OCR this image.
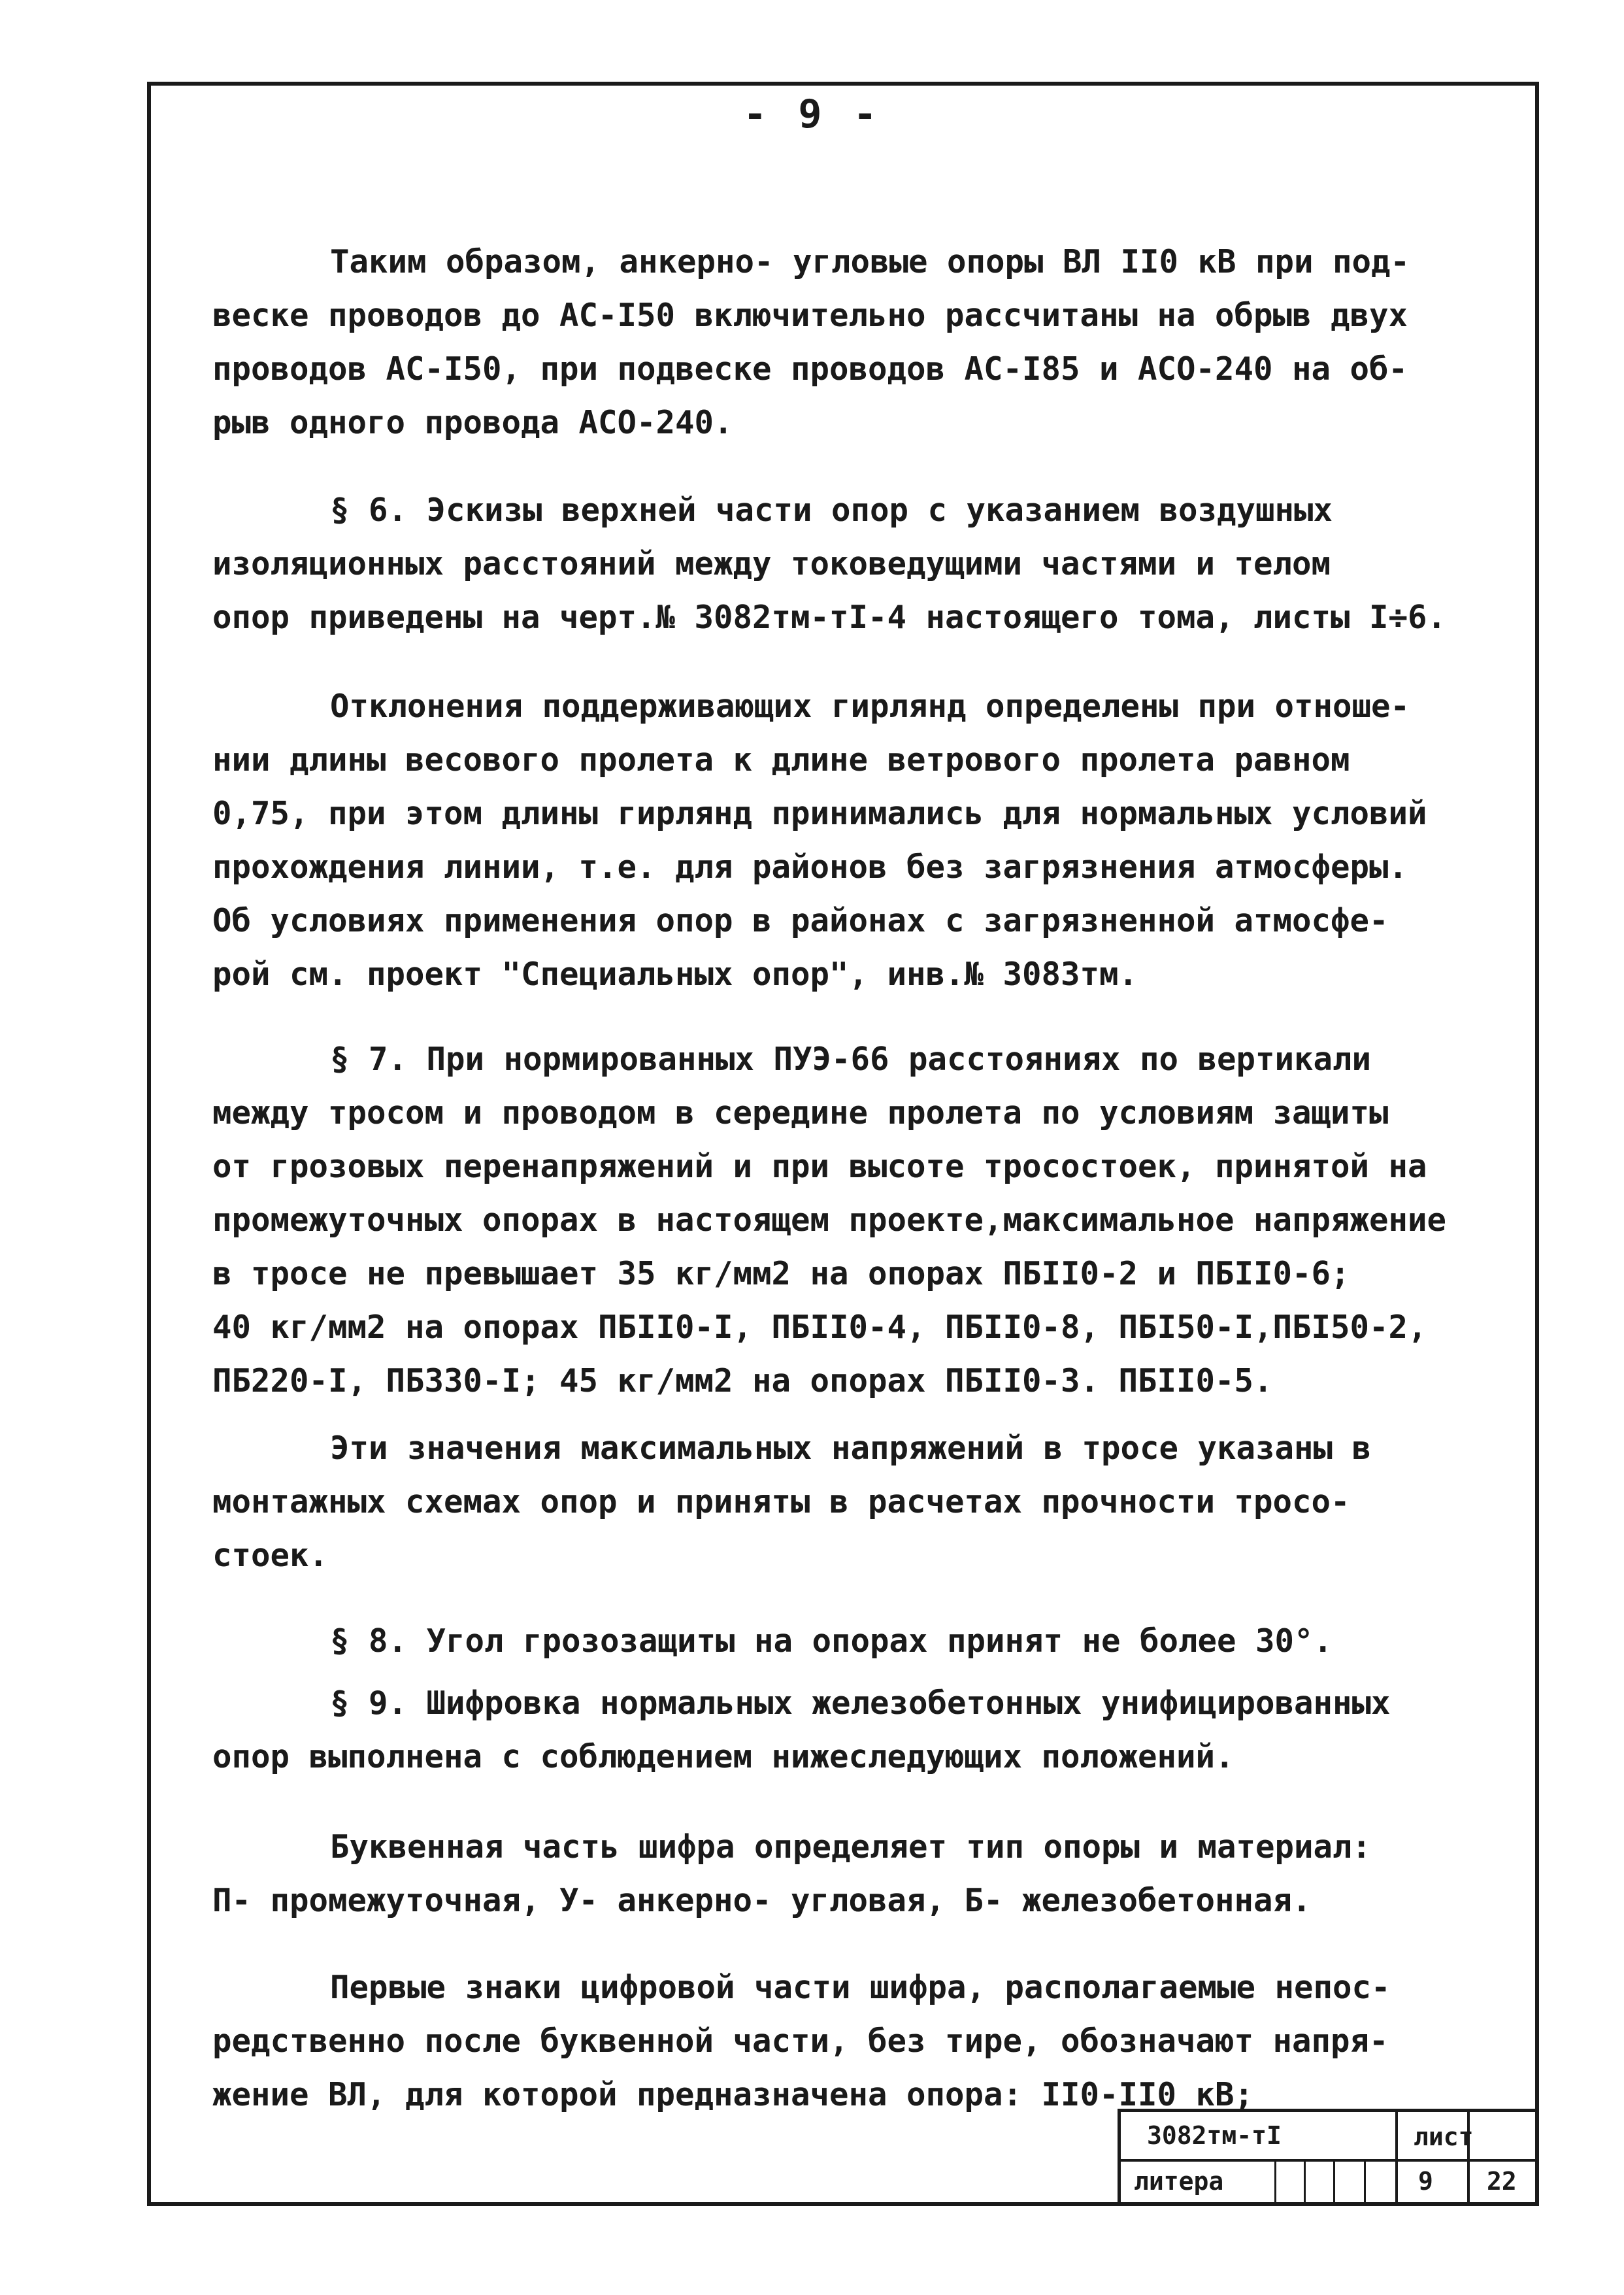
- 9 -
Таким образом, анкерно- угловые опоры ВЛ ІІ0 кВ при под-
веске проводов до АС-І50 включительно рассчитаны на обрыв двух
проводов АС-І50, при подвеске проводов АС-І85 и АСО-240 на об-
рыв одного провода АСО-240.
§ 6. Эскизы верхней части опор с указанием воздушных
изоляционных расстояний между токоведущими частями и телом
опор приведены на черт.№ 3082тм-тІ-4 настоящего тома, листы І÷6.
Отклонения поддерживающих гирлянд определены при отноше-
нии длины весового пролета к длине ветрового пролета равном
0,75, при этом длины гирлянд принимались для нормальных условий
прохождения линии, т.е. для районов без загрязнения атмосферы.
Об условиях применения опор в районах с загрязненной атмосфе-
рой см. проект "Специальных опор", инв.№ 3083тм.
§ 7. При нормированных ПУЭ-66 расстояниях по вертикали
между тросом и проводом в середине пролета по условиям защиты
от грозовых перенапряжений и при высоте тросостоек, принятой на
промежуточных опорах в настоящем проекте,максимальное напряжение
в тросе не превышает 35 кг/мм2 на опорах ПБІІ0-2 и ПБІІ0-6;
40 кг/мм2 на опорах ПБІІ0-І, ПБІІ0-4, ПБІІ0-8, ПБІ50-І,ПБІ50-2,
ПБ220-І, ПБ330-І; 45 кг/мм2 на опорах ПБІІ0-3. ПБІІ0-5.
Эти значения максимальных напряжений в тросе указаны в
монтажных схемах опор и приняты в расчетах прочности тросо-
стоек.
§ 8. Угол грозозащиты на опорах принят не более 30°.
§ 9. Шифровка нормальных железобетонных унифицированных
опор выполнена с соблюдением нижеследующих положений.
Буквенная часть шифра определяет тип опоры и материал:
П- промежуточная, У- анкерно- угловая, Б- железобетонная.
Первые знаки цифровой части шифра, располагаемые непос-
редственно после буквенной части, без тире, обозначают напря-
жение ВЛ, для которой предназначена опора: ІІ0-ІІ0 кВ;
3082тм-тІ	лист
литера	9 22
